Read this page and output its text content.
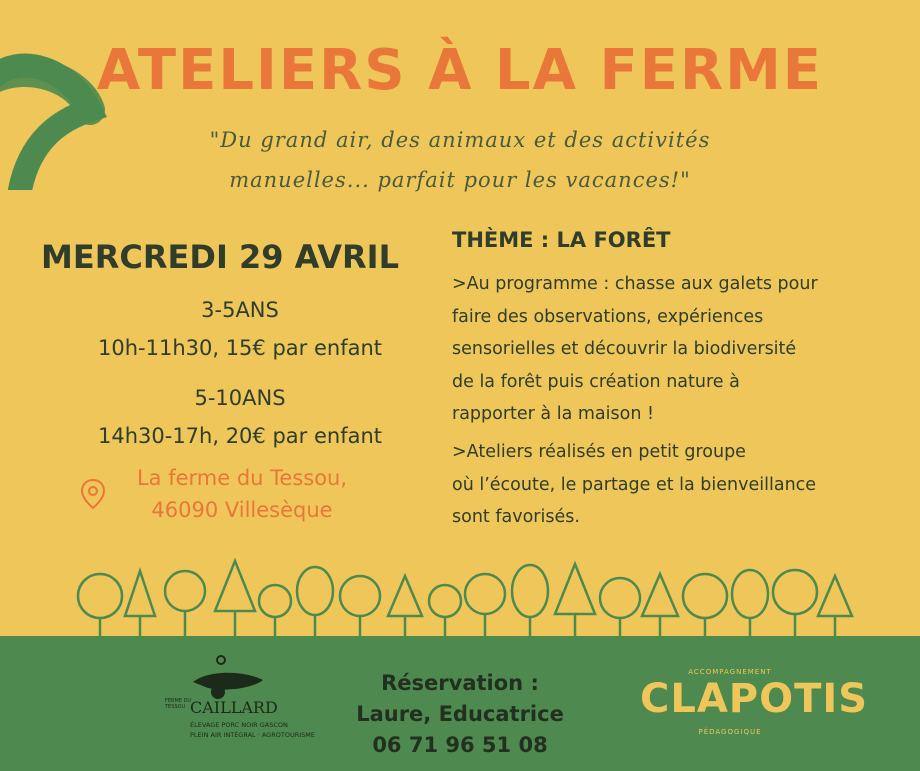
ATELIERS À LA FERME
"Du grand air, des animaux et des activités
manuelles... parfait pour les vacances!"
MERCREDI 29 AVRIL
3-5ANS
10h-11h30, 15€ par enfant
5-10ANS
14h30-17h, 20€ par enfant
La ferme du Tessou,
46090 Villesèque
THÈME : LA FORÊT
>Au programme : chasse aux galets pour
faire des observations, expériences
sensorielles et découvrir la biodiversité
de la forêt puis création nature à
rapporter à la maison !
>Ateliers réalisés en petit groupe
où l’écoute, le partage et la bienveillance
sont favorisés.
FERME DU TESSOU CAILLARD
ÉLEVAGE PORC NOIR GASCON
PLEIN AIR INTÉGRAL · AGROTOURISME
Réservation :
Laure, Educatrice
06 71 96 51 08
ACCOMPAGNEMENT
CLAPOTIS
PÉDAGOGIQUE
